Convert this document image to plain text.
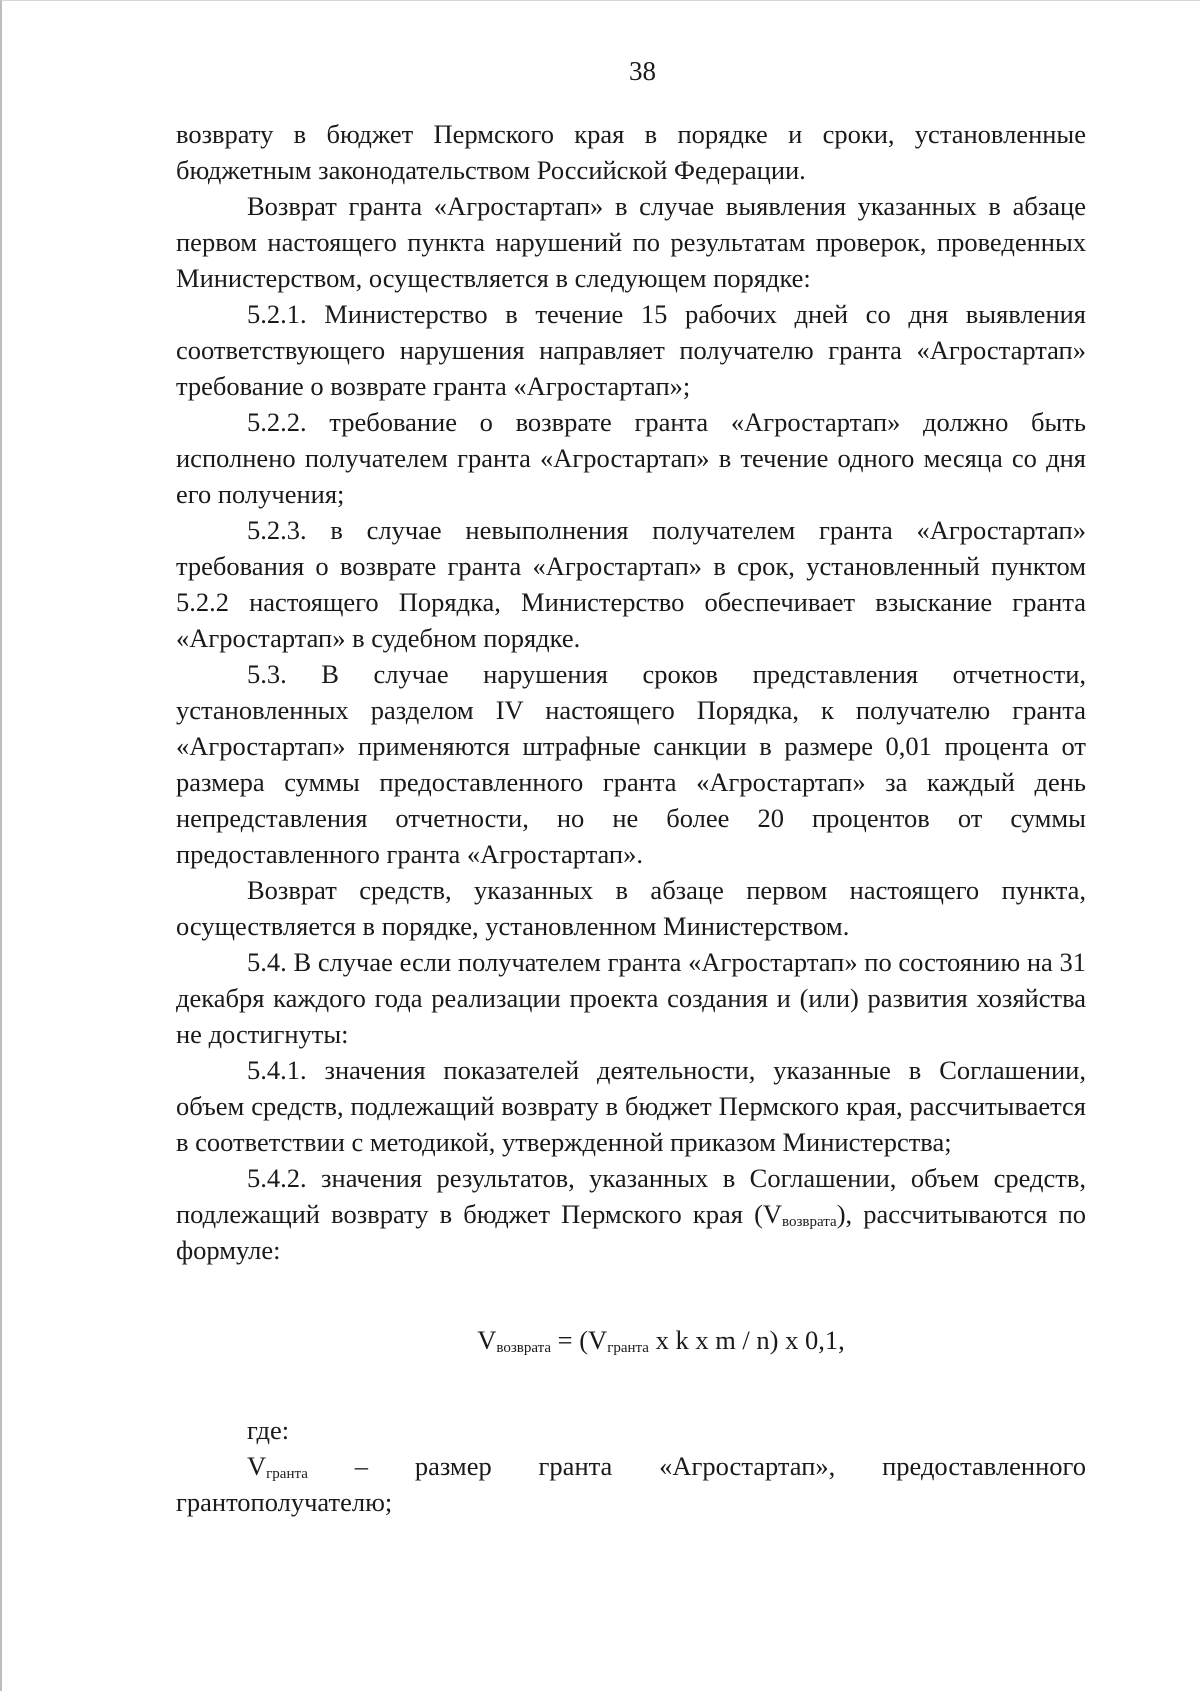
38

возврату в бюджет Пермского края в порядке и сроки, установленные бюджетным законодательством Российской Федерации.

Возврат гранта «Агростартап» в случае выявления указанных в абзаце первом настоящего пункта нарушений по результатам проверок, проведенных Министерством, осуществляется в следующем порядке:

5.2.1. Министерство в течение 15 рабочих дней со дня выявления соответствующего нарушения направляет получателю гранта «Агростартап» требование о возврате гранта «Агростартап»;

5.2.2. требование о возврате гранта «Агростартап» должно быть исполнено получателем гранта «Агростартап» в течение одного месяца со дня его получения;

5.2.3. в случае невыполнения получателем гранта «Агростартап» требования о возврате гранта «Агростартап» в срок, установленный пунктом 5.2.2 настоящего Порядка, Министерство обеспечивает взыскание гранта «Агростартап» в судебном порядке.

5.3. В случае нарушения сроков представления отчетности, установленных разделом IV настоящего Порядка, к получателю гранта «Агростартап» применяются штрафные санкции в размере 0,01 процента от размера суммы предоставленного гранта «Агростартап» за каждый день непредставления отчетности, но не более 20 процентов от суммы предоставленного гранта «Агростартап».

Возврат средств, указанных в абзаце первом настоящего пункта, осуществляется в порядке, установленном Министерством.

5.4. В случае если получателем гранта «Агростартап» по состоянию на 31 декабря каждого года реализации проекта создания и (или) развития хозяйства не достигнуты:

5.4.1. значения показателей деятельности, указанные в Соглашении, объем средств, подлежащий возврату в бюджет Пермского края, рассчитывается в соответствии с методикой, утвержденной приказом Министерства;

5.4.2. значения результатов, указанных в Соглашении, объем средств, подлежащий возврату в бюджет Пермского края $(V_{возврата})$, рассчитываются по формуле:

$V_{возврата} = (V_{гранта}$ x k x m / n) x 0,1,

где:

$V_{гранта}$ – размер гранта «Агростартап», предоставленного грантополучателю;
